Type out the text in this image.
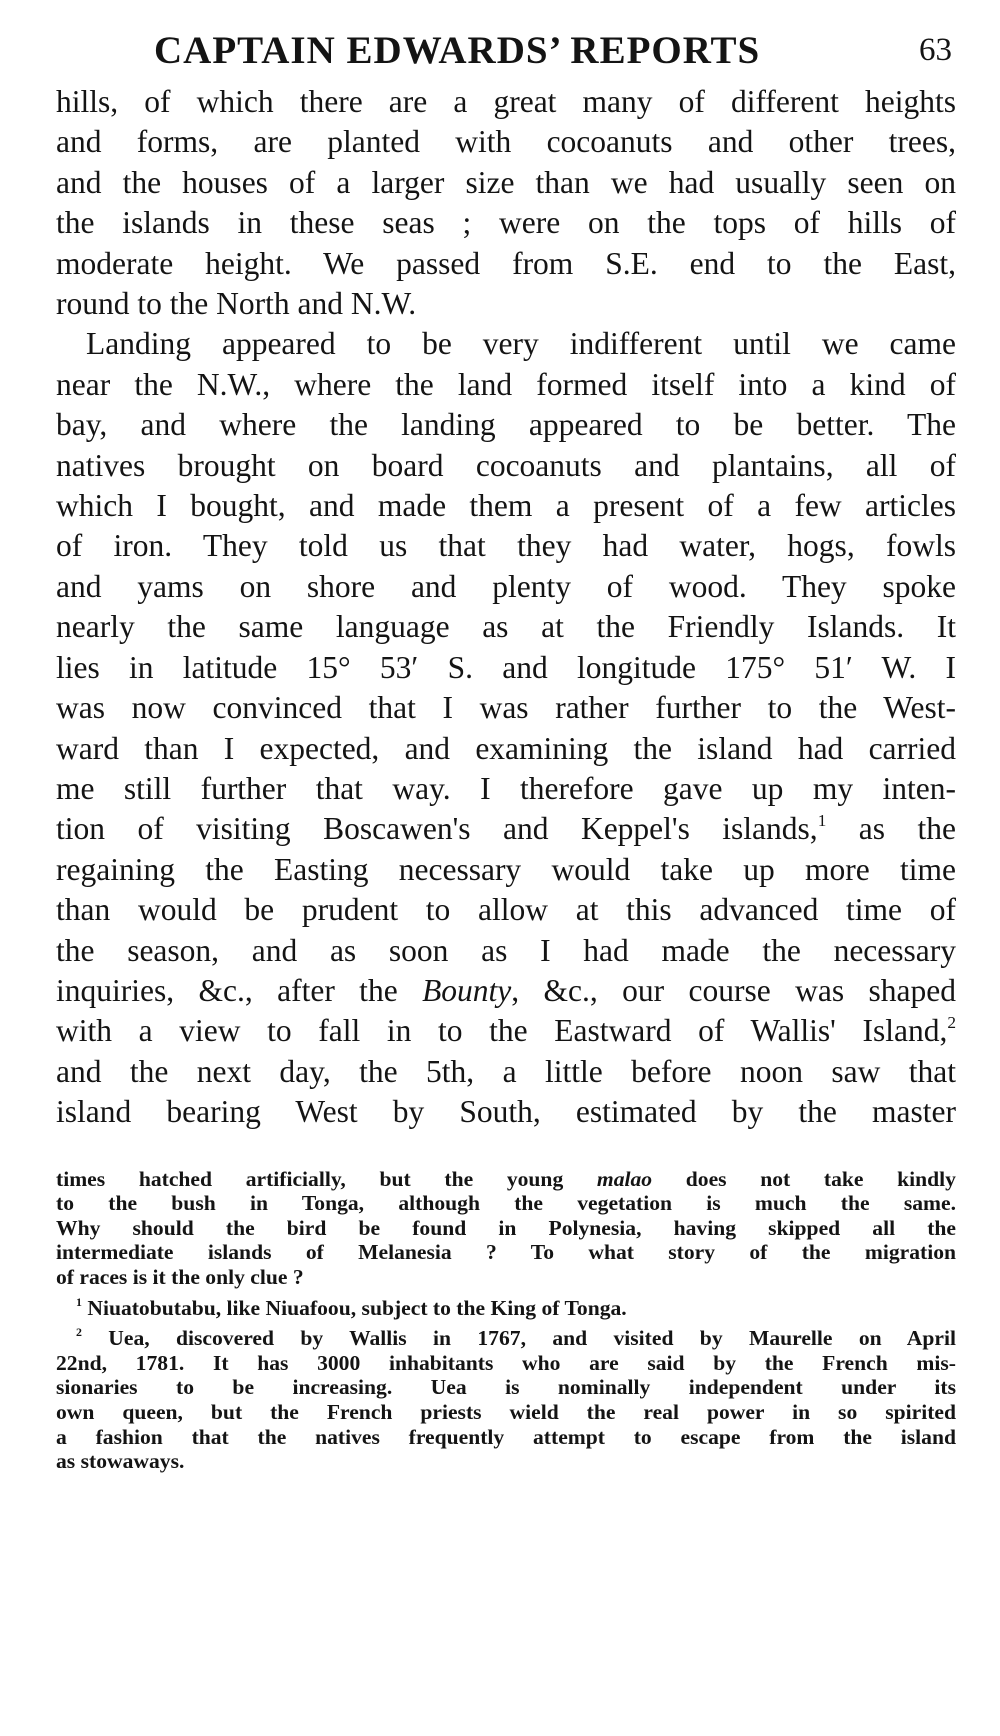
CAPTAIN EDWARDS’ REPORTS	63
hills, of which there are a great many of different heights
and forms, are planted with cocoanuts and other trees,
and the houses of a larger size than we had usually seen on
the islands in these seas ; were on the tops of hills of
moderate height. We passed from S.E. end to the East,
round to the North and N.W.
Landing appeared to be very indifferent until we came
near the N.W., where the land formed itself into a kind of
bay, and where the landing appeared to be better. The
natives brought on board cocoanuts and plantains, all of
which I bought, and made them a present of a few articles
of iron. They told us that they had water, hogs, fowls
and yams on shore and plenty of wood. They spoke
nearly the same language as at the Friendly Islands. It
lies in latitude 15° 53′ S. and longitude 175° 51′ W. I
was now convinced that I was rather further to the West-
ward than I expected, and examining the island had carried
me still further that way. I therefore gave up my inten-
tion of visiting Boscawen's and Keppel's islands,$^1$ as the
regaining the Easting necessary would take up more time
than would be prudent to allow at this advanced time of
the season, and as soon as I had made the necessary
inquiries, &c., after the Bounty, &c., our course was shaped
with a view to fall in to the Eastward of Wallis' Island,$^2$
and the next day, the 5th, a little before noon saw that
island bearing West by South, estimated by the master
times hatched artificially, but the young malao does not take kindly
to the bush in Tonga, although the vegetation is much the same.
Why should the bird be found in Polynesia, having skipped all the
intermediate islands of Melanesia ? To what story of the migration
of races is it the only clue ?
$^1$ Niuatobutabu, like Niuafoou, subject to the King of Tonga.
$^2$ Uea, discovered by Wallis in 1767, and visited by Maurelle on April
22nd, 1781. It has 3000 inhabitants who are said by the French mis-
sionaries to be increasing. Uea is nominally independent under its
own queen, but the French priests wield the real power in so spirited
a fashion that the natives frequently attempt to escape from the island
as stowaways.
